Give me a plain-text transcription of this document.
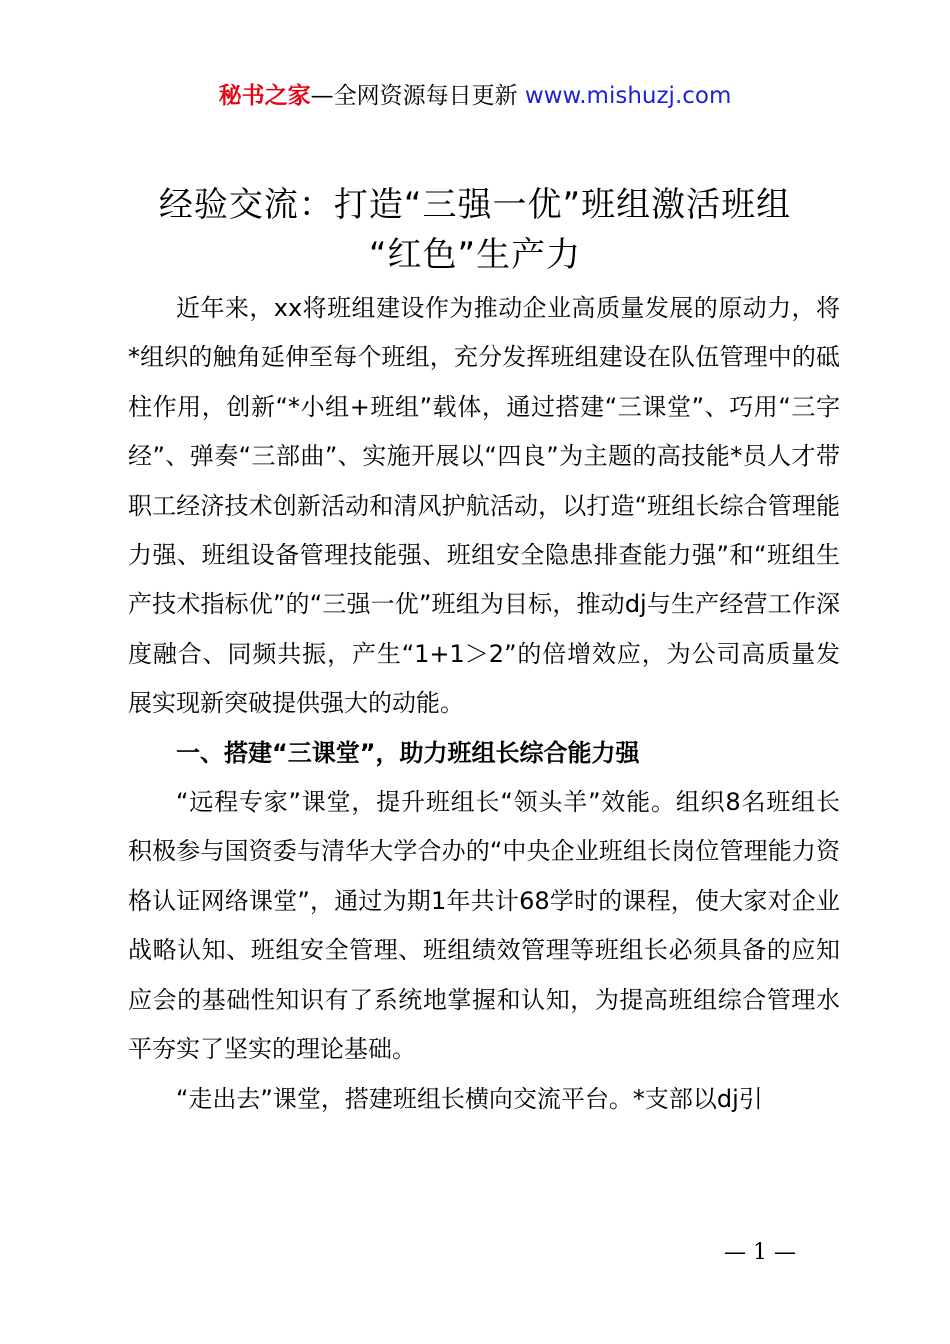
秘书之家—全网资源每日更新 www.mishuzj.com
经验交流：打造“三强一优”班组激活班组
“红色”生产力

近年来，xx将班组建设作为推动企业高质量发展的原动力，将*组织的触角延伸至每个班组，充分发挥班组建设在队伍管理中的砥柱作用，创新“*小组+班组”载体，通过搭建“三课堂”、巧用“三字经”、弹奏“三部曲”、实施开展以“四良”为主题的高技能*员人才带职工经济技术创新活动和清风护航活动，以打造“班组长综合管理能力强、班组设备管理技能强、班组安全隐患排查能力强”和“班组生产技术指标优”的“三强一优”班组为目标，推动dj与生产经营工作深度融合、同频共振，产生“1+1＞2”的倍增效应，为公司高质量发展实现新突破提供强大的动能。

一、搭建“三课堂”，助力班组长综合能力强

“远程专家”课堂，提升班组长“领头羊”效能。组织8名班组长积极参与国资委与清华大学合办的“中央企业班组长岗位管理能力资格认证网络课堂”，通过为期1年共计68学时的课程，使大家对企业战略认知、班组安全管理、班组绩效管理等班组长必须具备的应知应会的基础性知识有了系统地掌握和认知，为提高班组综合管理水平夯实了坚实的理论基础。

“走出去”课堂，搭建班组长横向交流平台。*支部以dj引

— 1 —
